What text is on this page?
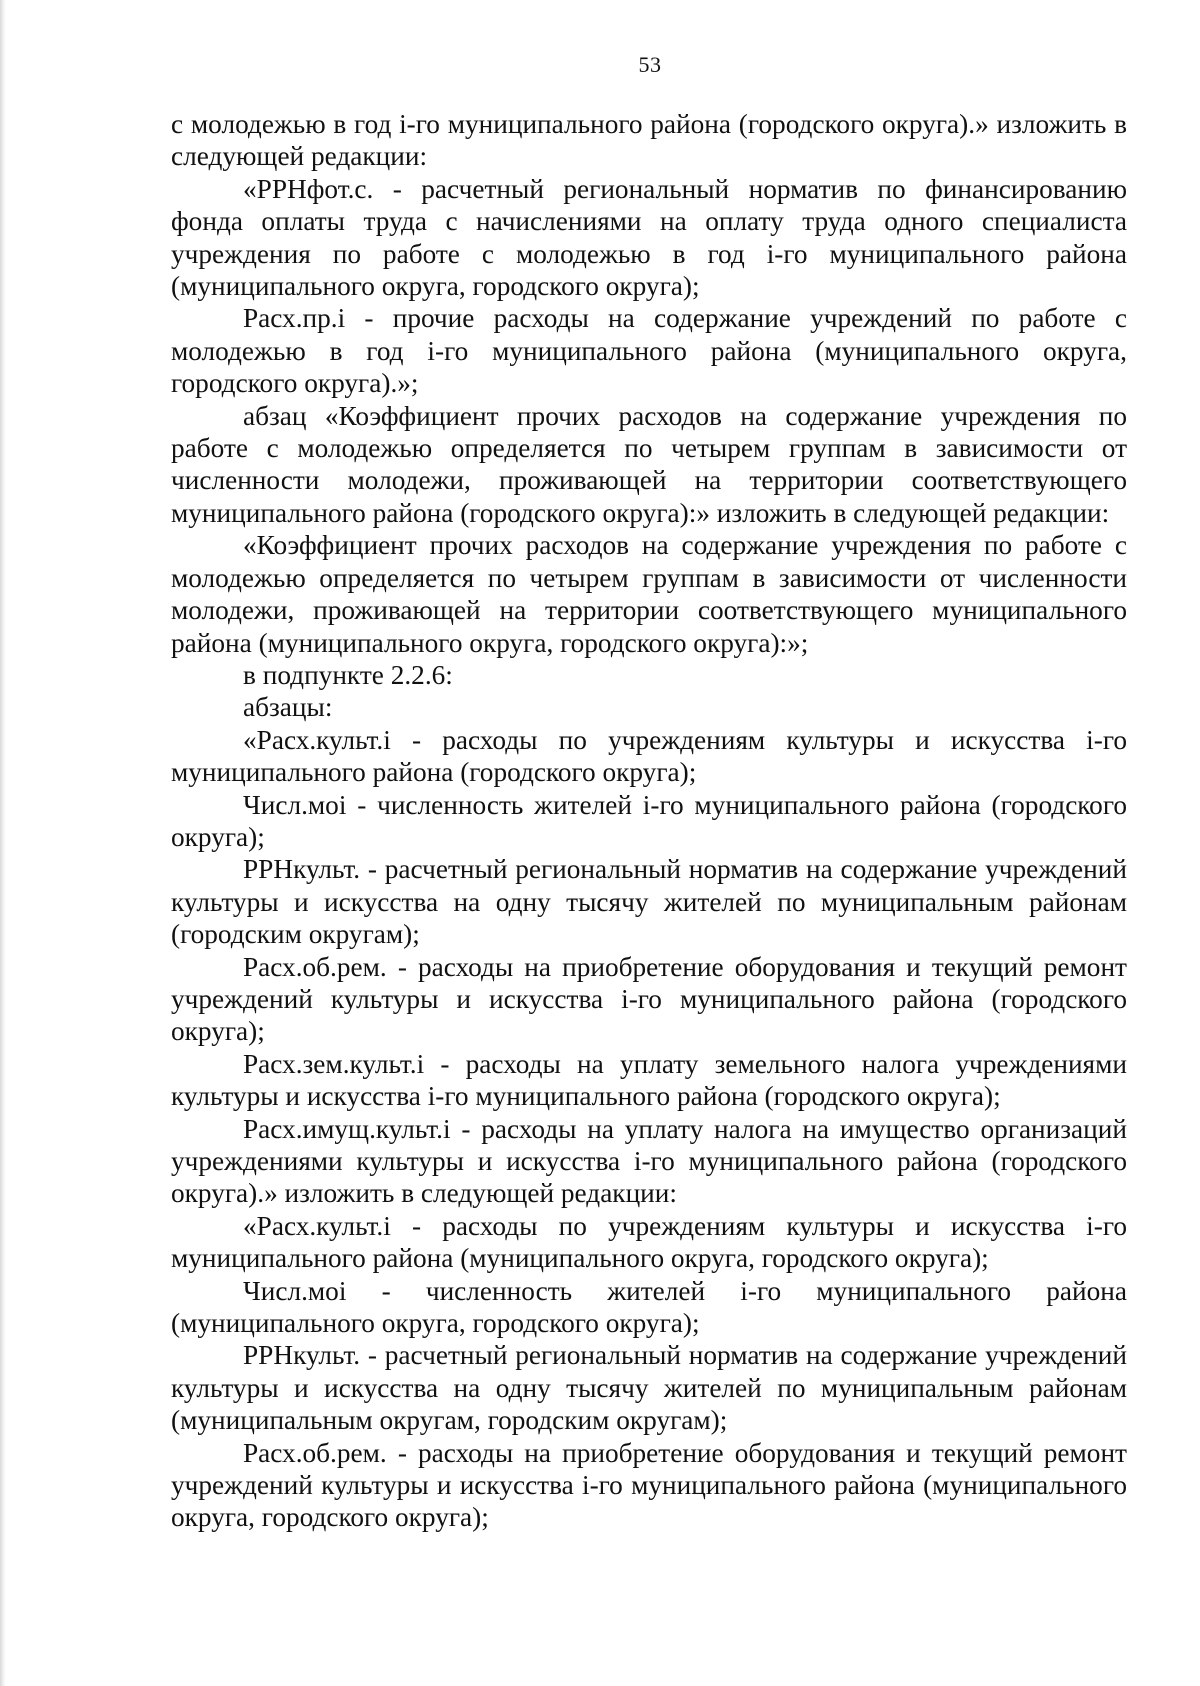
53

с молодежью в год i-го муниципального района (городского округа).» изложить в следующей редакции:

«РРНфот.с. - расчетный региональный норматив по финансированию фонда оплаты труда с начислениями на оплату труда одного специалиста учреждения по работе с молодежью в год i-го муниципального района (муниципального округа, городского округа);

Расх.пр.i - прочие расходы на содержание учреждений по работе с молодежью в год i-го муниципального района (муниципального округа, городского округа).»;

абзац «Коэффициент прочих расходов на содержание учреждения по работе с молодежью определяется по четырем группам в зависимости от численности молодежи, проживающей на территории соответствующего муниципального района (городского округа):» изложить в следующей редакции:

«Коэффициент прочих расходов на содержание учреждения по работе с молодежью определяется по четырем группам в зависимости от численности молодежи, проживающей на территории соответствующего муниципального района (муниципального округа, городского округа):»;

в подпункте 2.2.6:

абзацы:

«Расх.культ.i - расходы по учреждениям культуры и искусства i-го муниципального района (городского округа);

Числ.моi - численность жителей i-го муниципального района (городского округа);

РРНкульт. - расчетный региональный норматив на содержание учреждений культуры и искусства на одну тысячу жителей по муниципальным районам (городским округам);

Расх.об.рем. - расходы на приобретение оборудования и текущий ремонт учреждений культуры и искусства i-го муниципального района (городского округа);

Расх.зем.культ.i - расходы на уплату земельного налога учреждениями культуры и искусства i-го муниципального района (городского округа);

Расх.имущ.культ.i - расходы на уплату налога на имущество организаций учреждениями культуры и искусства i-го муниципального района (городского округа).» изложить в следующей редакции:

«Расх.культ.i - расходы по учреждениям культуры и искусства i-го муниципального района (муниципального округа, городского округа);

Числ.моi - численность жителей i-го муниципального района (муниципального округа, городского округа);

РРНкульт. - расчетный региональный норматив на содержание учреждений культуры и искусства на одну тысячу жителей по муниципальным районам (муниципальным округам, городским округам);

Расх.об.рем. - расходы на приобретение оборудования и текущий ремонт учреждений культуры и искусства i-го муниципального района (муниципального округа, городского округа);
